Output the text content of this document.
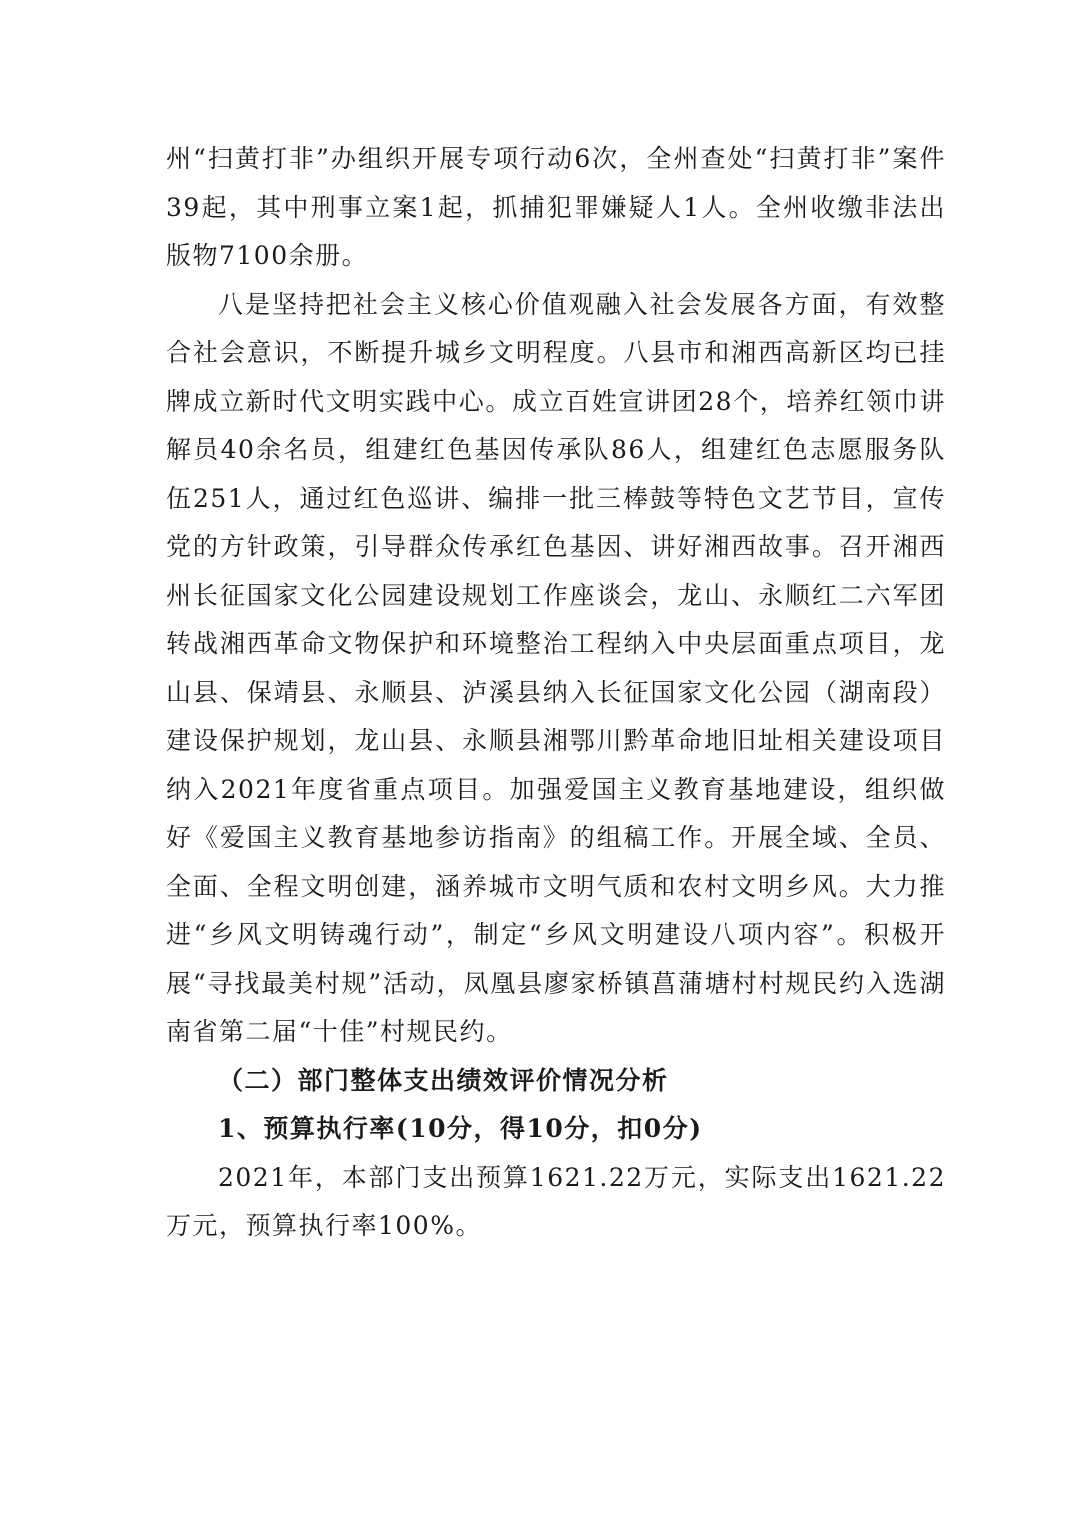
州“扫黄打非”办组织开展专项行动6次，全州查处“扫黄打非”案件39起，其中刑事立案1起，抓捕犯罪嫌疑人1人。全州收缴非法出版物7100余册。

八是坚持把社会主义核心价值观融入社会发展各方面，有效整合社会意识，不断提升城乡文明程度。八县市和湘西高新区均已挂牌成立新时代文明实践中心。成立百姓宣讲团28个，培养红领巾讲解员40余名员，组建红色基因传承队86人，组建红色志愿服务队伍251人，通过红色巡讲、编排一批三棒鼓等特色文艺节目，宣传党的方针政策，引导群众传承红色基因、讲好湘西故事。召开湘西州长征国家文化公园建设规划工作座谈会，龙山、永顺红二六军团转战湘西革命文物保护和环境整治工程纳入中央层面重点项目，龙山县、保靖县、永顺县、泸溪县纳入长征国家文化公园（湖南段）建设保护规划，龙山县、永顺县湘鄂川黔革命地旧址相关建设项目纳入2021年度省重点项目。加强爱国主义教育基地建设，组织做好《爱国主义教育基地参访指南》的组稿工作。开展全域、全员、全面、全程文明创建，涵养城市文明气质和农村文明乡风。大力推进“乡风文明铸魂行动”，制定“乡风文明建设八项内容”。积极开展“寻找最美村规”活动，凤凰县廖家桥镇菖蒲塘村村规民约入选湖南省第二届“十佳”村规民约。

（二）部门整体支出绩效评价情况分析
1、预算执行率(10分，得10分，扣0分)

2021年，本部门支出预算1621.22万元，实际支出1621.22万元，预算执行率100%。
